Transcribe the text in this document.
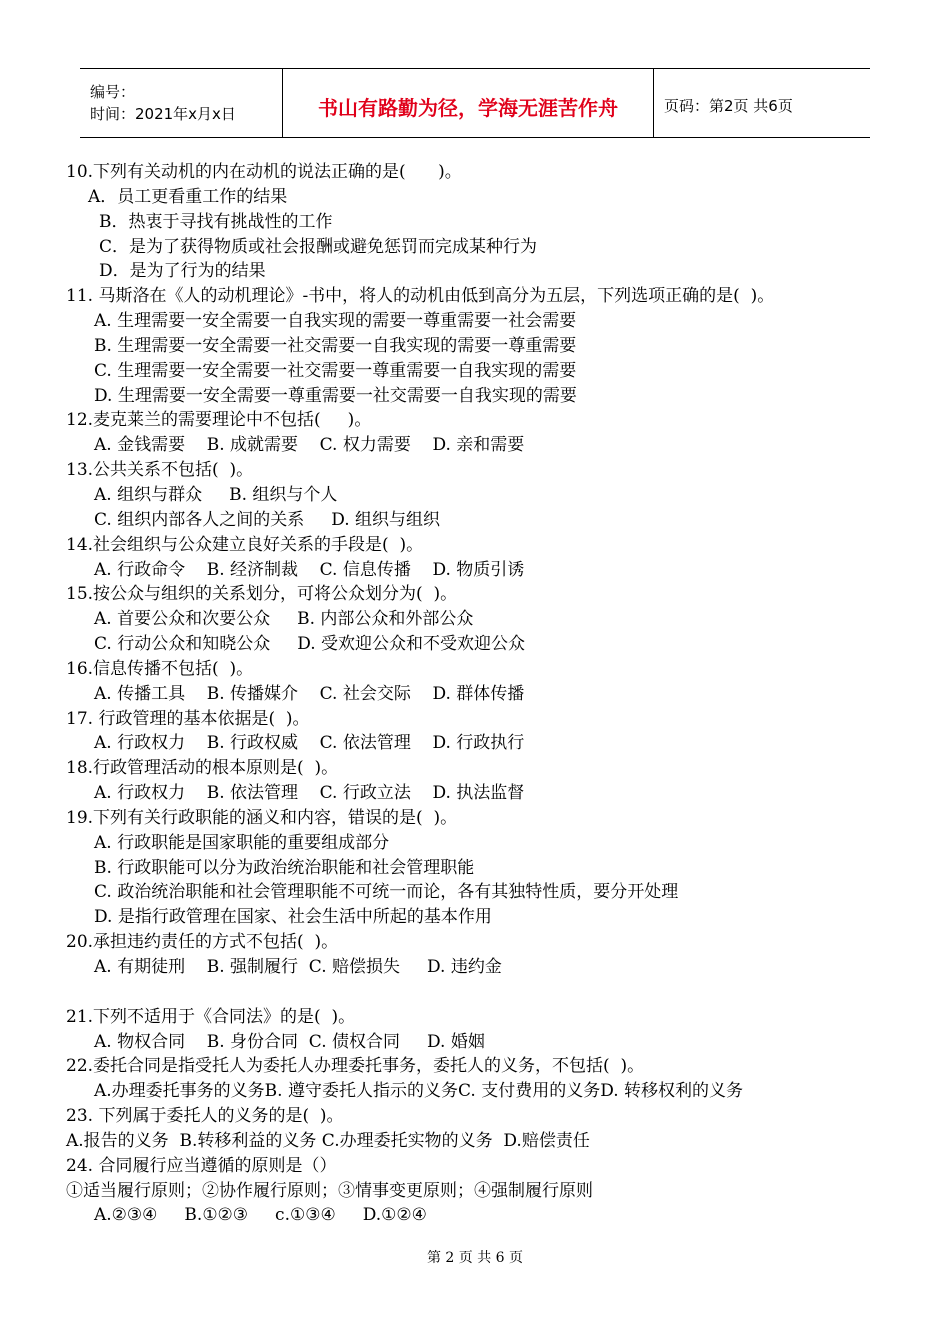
编号：
时间：2021年x月x日	书山有路勤为径，学海无涯苦作舟	页码：第2页 共6页
10.下列有关动机的内在动机的说法正确的是(      )。
A．员工更看重工作的结果
B．热衷于寻找有挑战性的工作
C．是为了获得物质或社会报酬或避免惩罚而完成某种行为
D．是为了行为的结果
11. 马斯洛在《人的动机理论》-书中，将人的动机由低到高分为五层，下列选项正确的是(  )。
A. 生理需要一安全需要一自我实现的需要一尊重需要一社会需要
B. 生理需要一安全需要一社交需要一自我实现的需要一尊重需要
C. 生理需要一安全需要一社交需要一尊重需要一自我实现的需要
D. 生理需要一安全需要一尊重需要一社交需要一自我实现的需要
12.麦克莱兰的需要理论中不包括(     )。
A. 金钱需要    B. 成就需要    C. 权力需要    D. 亲和需要
13.公共关系不包括(  )。
A. 组织与群众     B. 组织与个人
C. 组织内部各人之间的关系     D. 组织与组织
14.社会组织与公众建立良好关系的手段是(  )。
A. 行政命令    B. 经济制裁    C. 信息传播    D. 物质引诱
15.按公众与组织的关系划分，可将公众划分为(  )。
A. 首要公众和次要公众     B. 内部公众和外部公众
C. 行动公众和知晓公众     D. 受欢迎公众和不受欢迎公众
16.信息传播不包括(  )。
A. 传播工具    B. 传播媒介    C. 社会交际    D. 群体传播
17. 行政管理的基本依据是(  )。
A. 行政权力    B. 行政权威    C. 依法管理    D. 行政执行
18.行政管理活动的根本原则是(  )。
A. 行政权力    B. 依法管理    C. 行政立法    D. 执法监督
19.下列有关行政职能的涵义和内容，错误的是(  )。
A. 行政职能是国家职能的重要组成部分
B. 行政职能可以分为政治统治职能和社会管理职能
C. 政治统治职能和社会管理职能不可统一而论，各有其独特性质，要分开处理
D. 是指行政管理在国家、社会生活中所起的基本作用
20.承担违约责任的方式不包括(  )。
A. 有期徒刑    B. 强制履行  C. 赔偿损失     D. 违约金
21.下列不适用于《合同法》的是(  )。
A. 物权合同    B. 身份合同  C. 债权合同     D. 婚姻
22.委托合同是指受托人为委托人办理委托事务，委托人的义务，不包括(  )。
A.办理委托事务的义务B. 遵守委托人指示的义务C. 支付费用的义务D. 转移权利的义务
23. 下列属于委托人的义务的是(  )。
A.报告的义务  B.转移利益的义务 C.办理委托实物的义务  D.赔偿责任
24. 合同履行应当遵循的原则是（）
①适当履行原则；②协作履行原则；③情事变更原则；④强制履行原则
A.②③④     B.①②③     c.①③④     D.①②④
第 2 页 共 6 页
